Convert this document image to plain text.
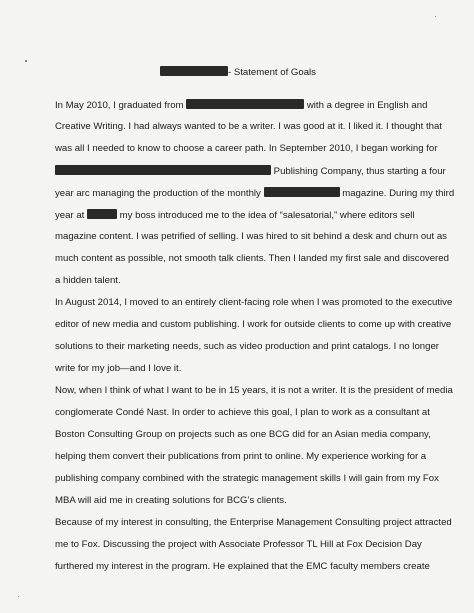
- Statement of Goals
In May 2010, I graduated from	with a degree in English and
Creative Writing. I had always wanted to be a writer. I was good at it. I liked it. I thought that
was all I needed to know to choose a career path. In September 2010, I began working for
Publishing Company, thus starting a four
year arc managing the production of the monthly	magazine. During my third
year at	my boss introduced me to the idea of “salesatorial,” where editors sell
magazine content. I was petrified of selling. I was hired to sit behind a desk and churn out as
much content as possible, not smooth talk clients. Then I landed my first sale and discovered
a hidden talent.
In August 2014, I moved to an entirely client-facing role when I was promoted to the executive
editor of new media and custom publishing. I work for outside clients to come up with creative
solutions to their marketing needs, such as video production and print catalogs. I no longer
write for my job—and I love it.
Now, when I think of what I want to be in 15 years, it is not a writer. It is the president of media
conglomerate Condé Nast. In order to achieve this goal, I plan to work as a consultant at
Boston Consulting Group on projects such as one BCG did for an Asian media company,
helping them convert their publications from print to online. My experience working for a
publishing company combined with the strategic management skills I will gain from my Fox
MBA will aid me in creating solutions for BCG’s clients.
Because of my interest in consulting, the Enterprise Management Consulting project attracted
me to Fox. Discussing the project with Associate Professor TL Hill at Fox Decision Day
furthered my interest in the program. He explained that the EMC faculty members create
